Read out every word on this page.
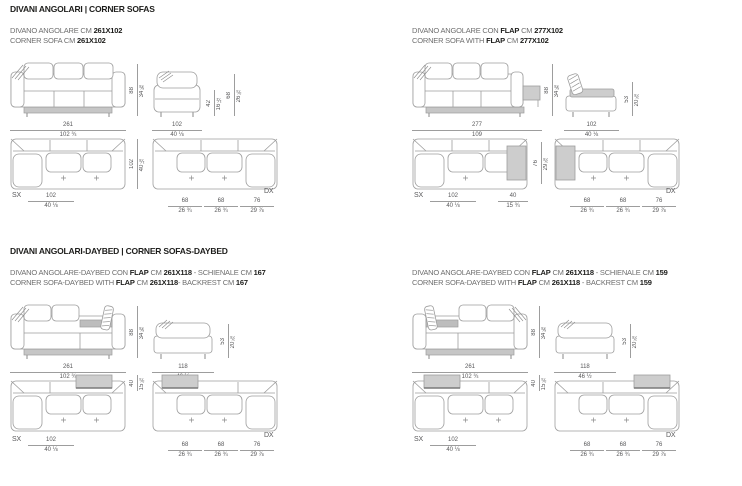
DIVANI ANGOLARI | CORNER SOFAS
DIVANI ANGOLARI-DAYBED | CORNER SOFAS-DAYBED
DIVANO ANGOLARE CM 261X102
CORNER SOFA CM 261X102
88 34 ⅝
42 16 ½
68 26 ¾
261
102 ¾
102
40 ⅛
102 40 ⅛
SX	102
40 ⅛
DX
68
26 ¾
68
26 ¾
76
29 ⅞
DIVANO ANGOLARE CON FLAP CM 277X102
CORNER SOFA WITH FLAP CM 277X102
88 34 ⅝
53 20 ⅞
277
109
102
40 ⅛
76 29 ⅞
SX	102
40 ⅛
40
15 ¾
DX
68
26 ¾
68
26 ¾
76
29 ⅞
DIVANO ANGOLARE-DAYBED CON FLAP CM 261X118 - SCHIENALE CM 167
CORNER SOFA-DAYBED WITH FLAP CM 261X118- BACKREST CM 167
88 34 ⅝
53 20 ⅞
261
102 ¾
118
40 15 ¾
SX	102
40 ⅛
DX
68
26 ¾
68
26 ¾
76
29 ⅞
DIVANO ANGOLARE-DAYBED CON FLAP CM 261X118 - SCHIENALE CM 159
CORNER SOFA-DAYBED WITH FLAP CM 261X118 - BACKREST CM 159
88 34 ⅝
53 20 ⅞
261
102 ¾
118
46 ½
40 15 ¾
SX	102
40 ⅛
DX
68
26 ¾
68
26 ¾
76
29 ⅞
